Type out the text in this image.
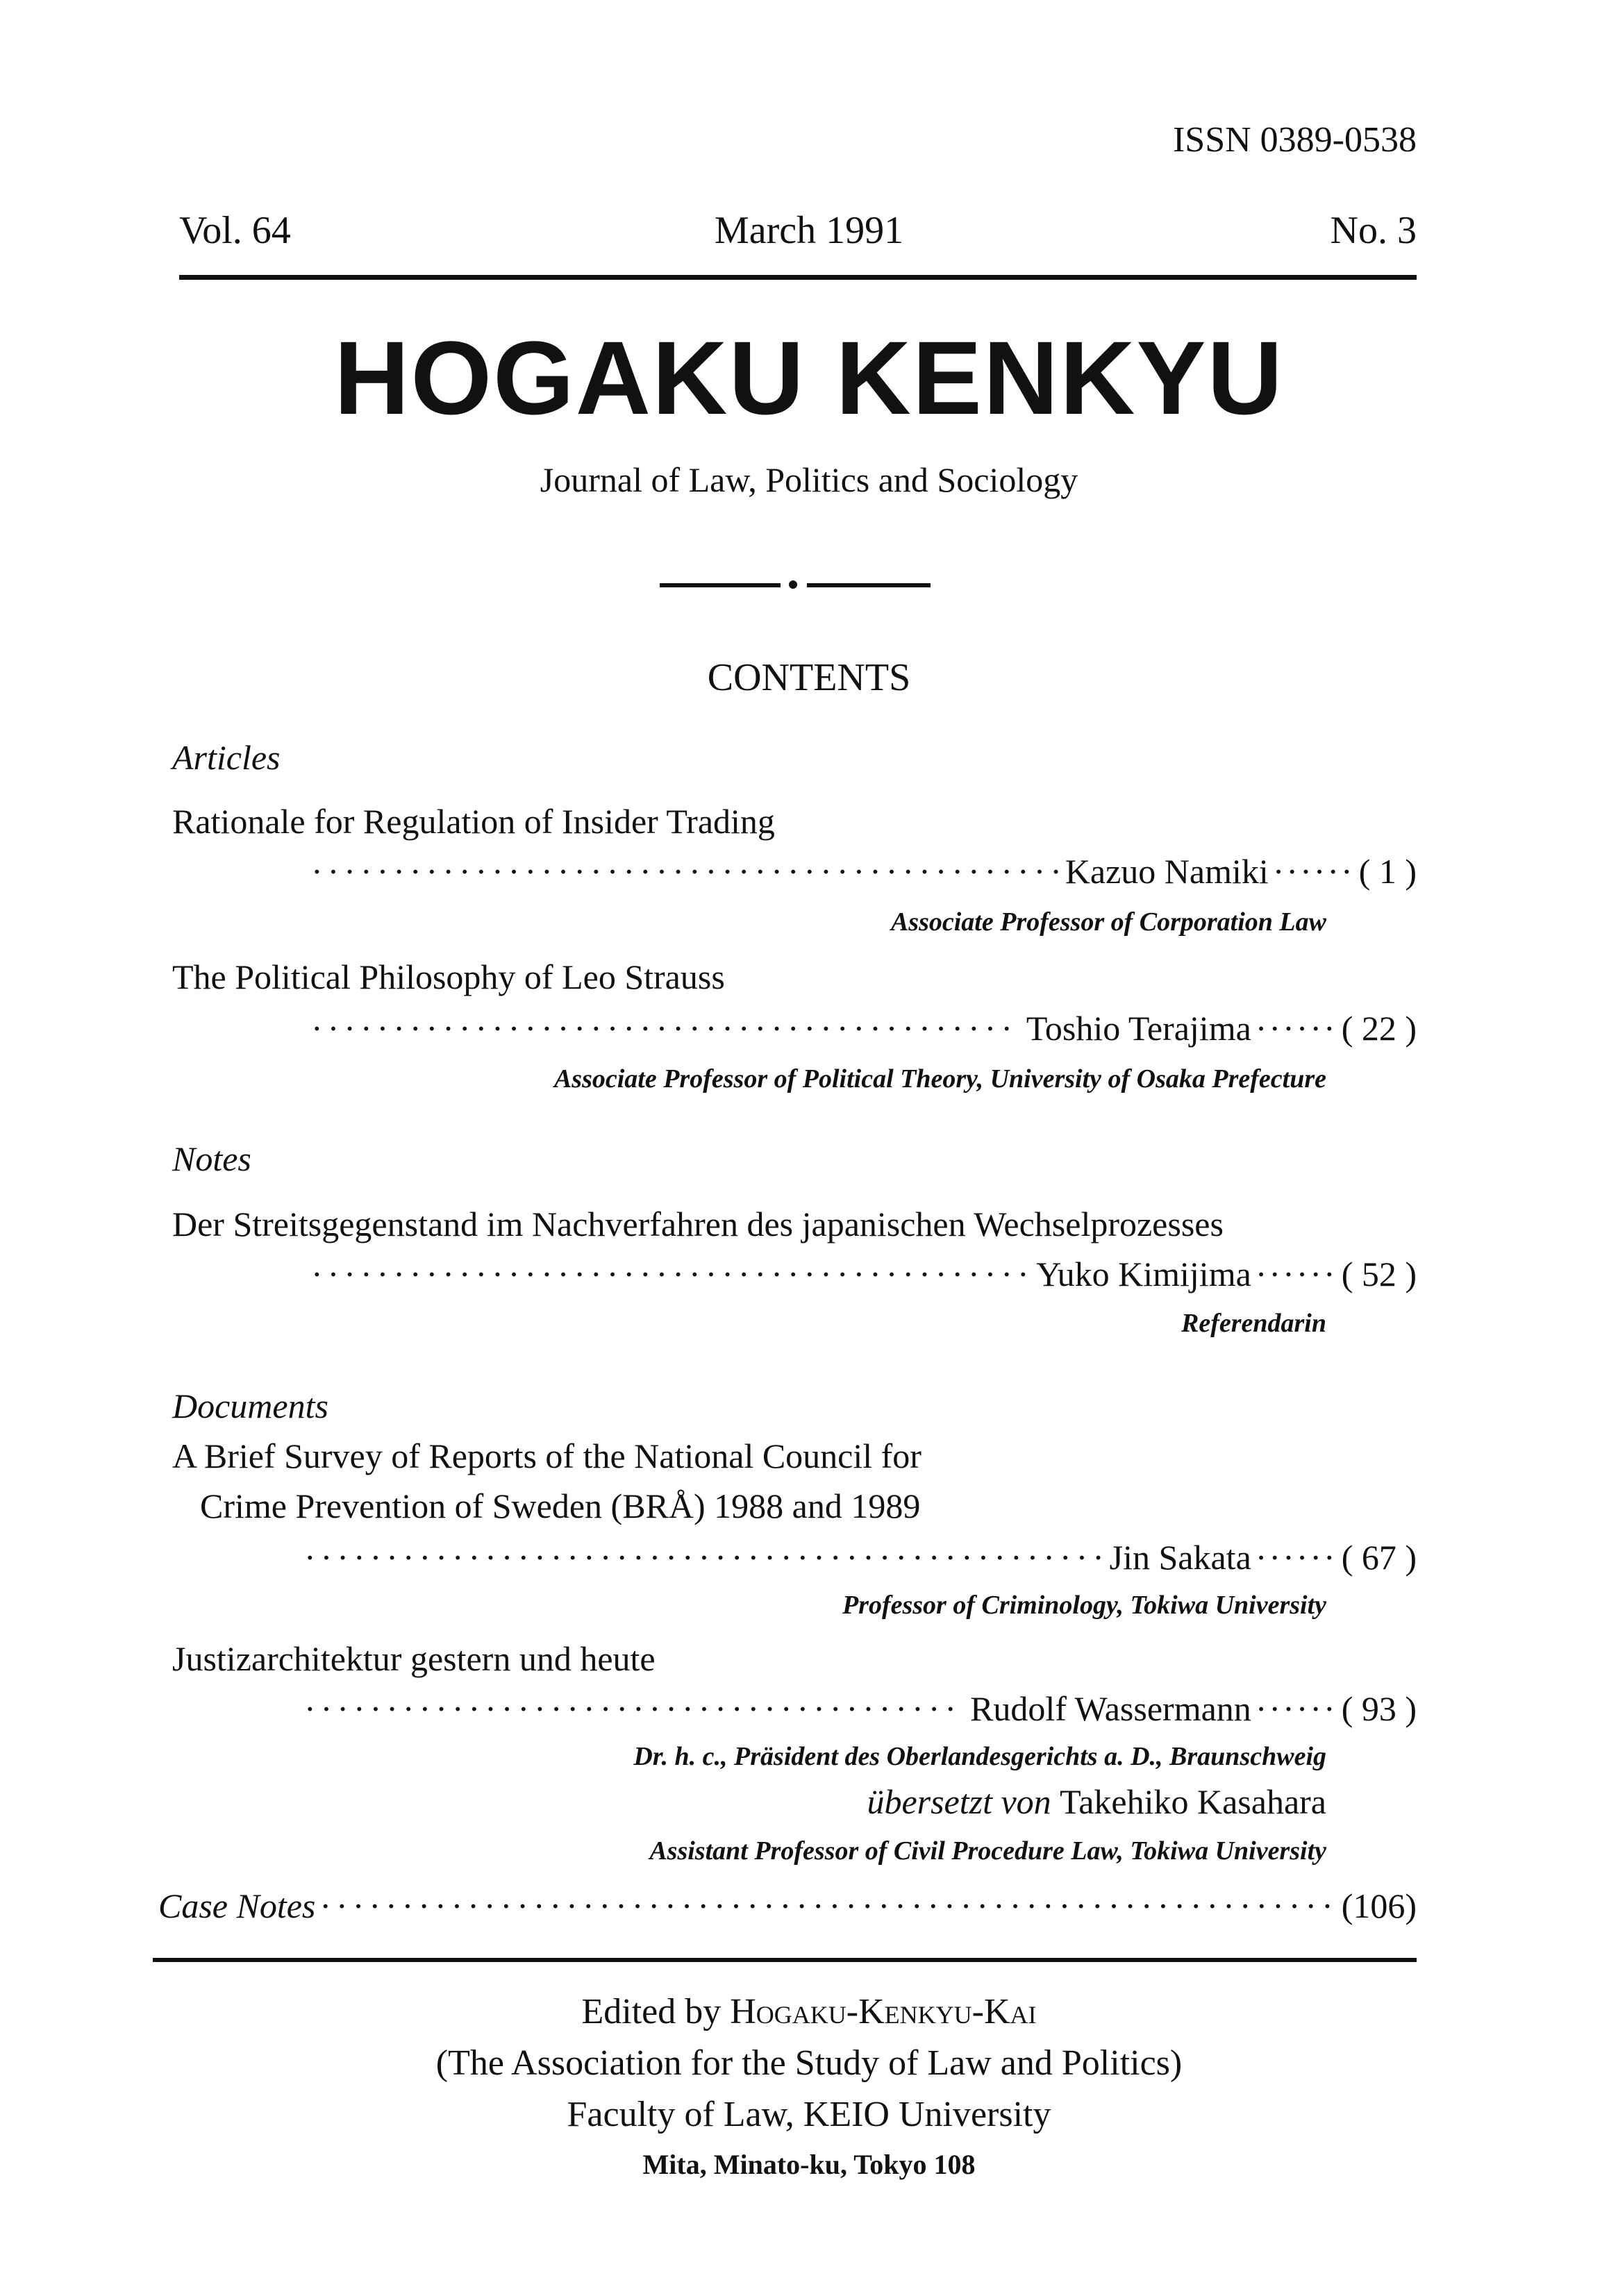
ISSN 0389-0538
Vol. 64	March 1991	No. 3
HOGAKU KENKYU
Journal of Law, Politics and Sociology
CONTENTS
Articles
Rationale for Regulation of Insider Trading
·····
Kazuo Namiki ······ ( 1 )
Associate Professor of Corporation Law
The Political Philosophy of Leo Strauss
·····
Toshio Terajima ······ ( 22 )
Associate Professor of Political Theory, University of Osaka Prefecture
Notes
Der Streitsgegenstand im Nachverfahren des japanischen Wechselprozesses
·····
Yuko Kimijima ······ ( 52 )
Referendarin
Documents
A Brief Survey of Reports of the National Council for
Crime Prevention of Sweden (BRÅ) 1988 and 1989
·····
Jin Sakata ······ ( 67 )
Professor of Criminology, Tokiwa University
Justizarchitektur gestern und heute
·····
Rudolf Wassermann ······ ( 93 )
Dr. h. c., Präsident des Oberlandesgerichts a. D., Braunschweig
übersetzt von Takehiko Kasahara
Assistant Professor of Civil Procedure Law, Tokiwa University
Case Notes
·····	(106)
Edited by Hogaku-Kenkyu-Kai
(The Association for the Study of Law and Politics)
Faculty of Law, KEIO University
Mita, Minato-ku, Tokyo 108
